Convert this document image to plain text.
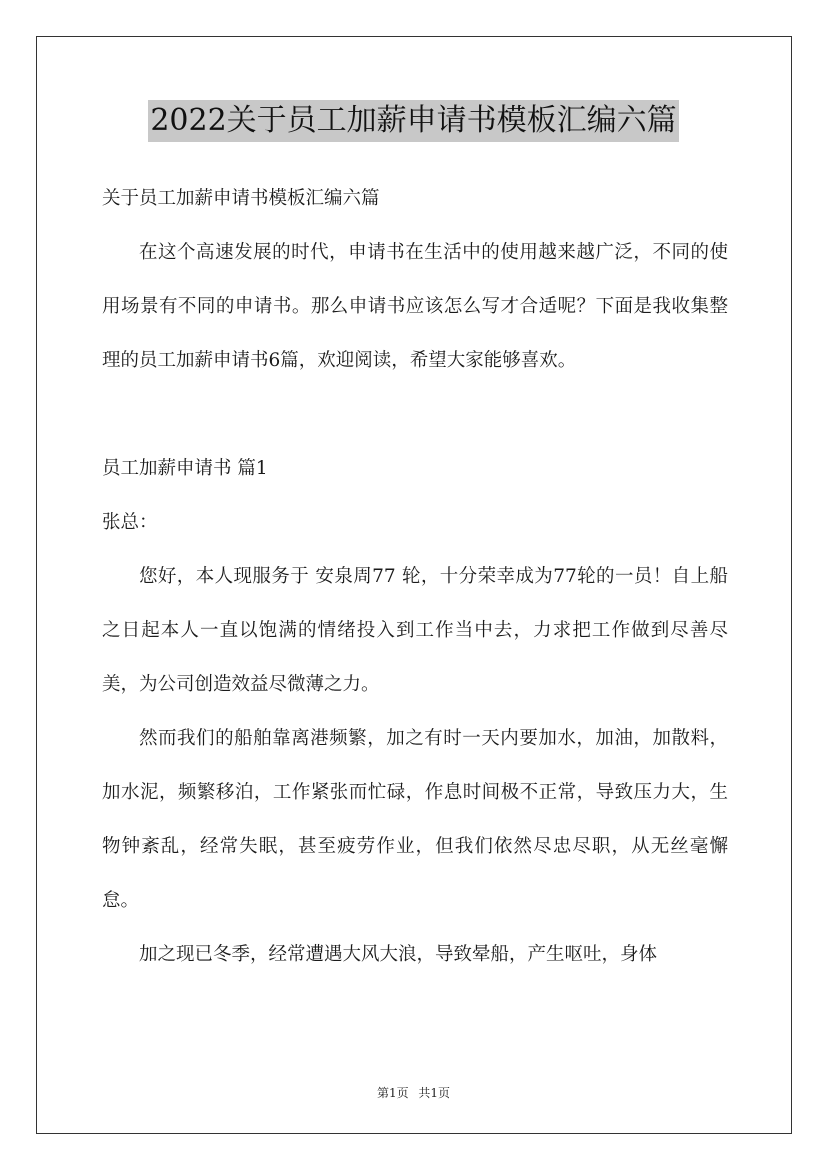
2022关于员工加薪申请书模板汇编六篇

关于员工加薪申请书模板汇编六篇

在这个高速发展的时代，申请书在生活中的使用越来越广泛，不同的使用场景有不同的申请书。那么申请书应该怎么写才合适呢？下面是我收集整理的员工加薪申请书6篇，欢迎阅读，希望大家能够喜欢。

员工加薪申请书 篇1

张总：

您好，本人现服务于 安泉周77 轮，十分荣幸成为77轮的一员！自上船之日起本人一直以饱满的情绪投入到工作当中去，力求把工作做到尽善尽美，为公司创造效益尽微薄之力。

然而我们的船舶靠离港频繁，加之有时一天内要加水，加油，加散料，加水泥，频繁移泊，工作紧张而忙碌，作息时间极不正常，导致压力大，生物钟紊乱，经常失眠，甚至疲劳作业，但我们依然尽忠尽职，从无丝毫懈怠。

加之现已冬季，经常遭遇大风大浪，导致晕船，产生呕吐，身体

第1页 共1页
